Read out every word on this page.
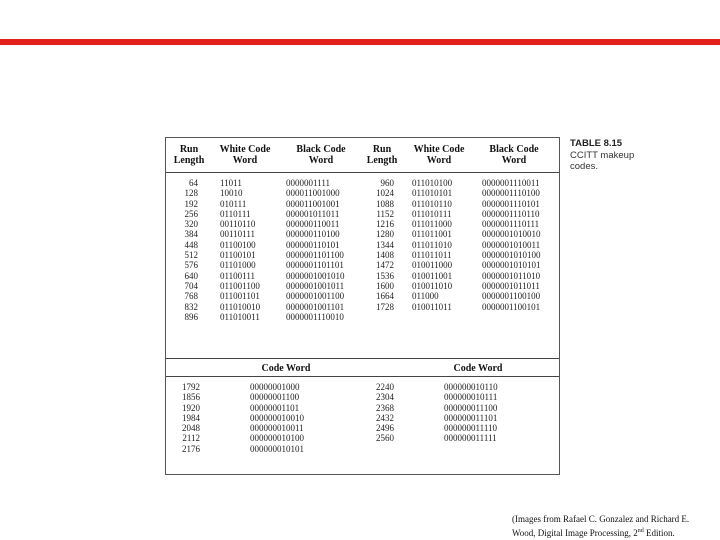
Run Length
White Code Word
Black Code Word
Run Length
White Code Word
Black Code Word
64
128
192
256
320
384
448
512
576
640
704
768
832
896
11011
10010
010111
0110111
00110110
00110111
01100100
01100101
01101000
01100111
011001100
011001101
011010010
011010011
0000001111
000011001000
000011001001
000001011011
000000110011
000000110100
000000110101
0000001101100
0000001101101
0000001001010
0000001001011
0000001001100
0000001001101
0000001110010
960
1024
1088
1152
1216
1280
1344
1408
1472
1536
1600
1664
1728
011010100
011010101
011010110
011010111
011011000
011011001
011011010
011011011
010011000
010011001
010011010
011000
010011011
0000001110011
0000001110100
0000001110101
0000001110110
0000001110111
0000001010010
0000001010011
0000001010100
0000001010101
0000001011010
0000001011011
0000001100100
0000001100101
Code Word	Code Word
1792
1856
1920
1984
2048
2112
2176
00000001000
00000001100
00000001101
000000010010
000000010011
000000010100
000000010101
2240
2304
2368
2432
2496
2560
000000010110
000000010111
000000011100
000000011101
000000011110
000000011111
TABLE 8.15
CCITT makeup codes.
(Images from Rafael C. Gonzalez and Richard E.
Wood, Digital Image Processing, 2nd Edition.
